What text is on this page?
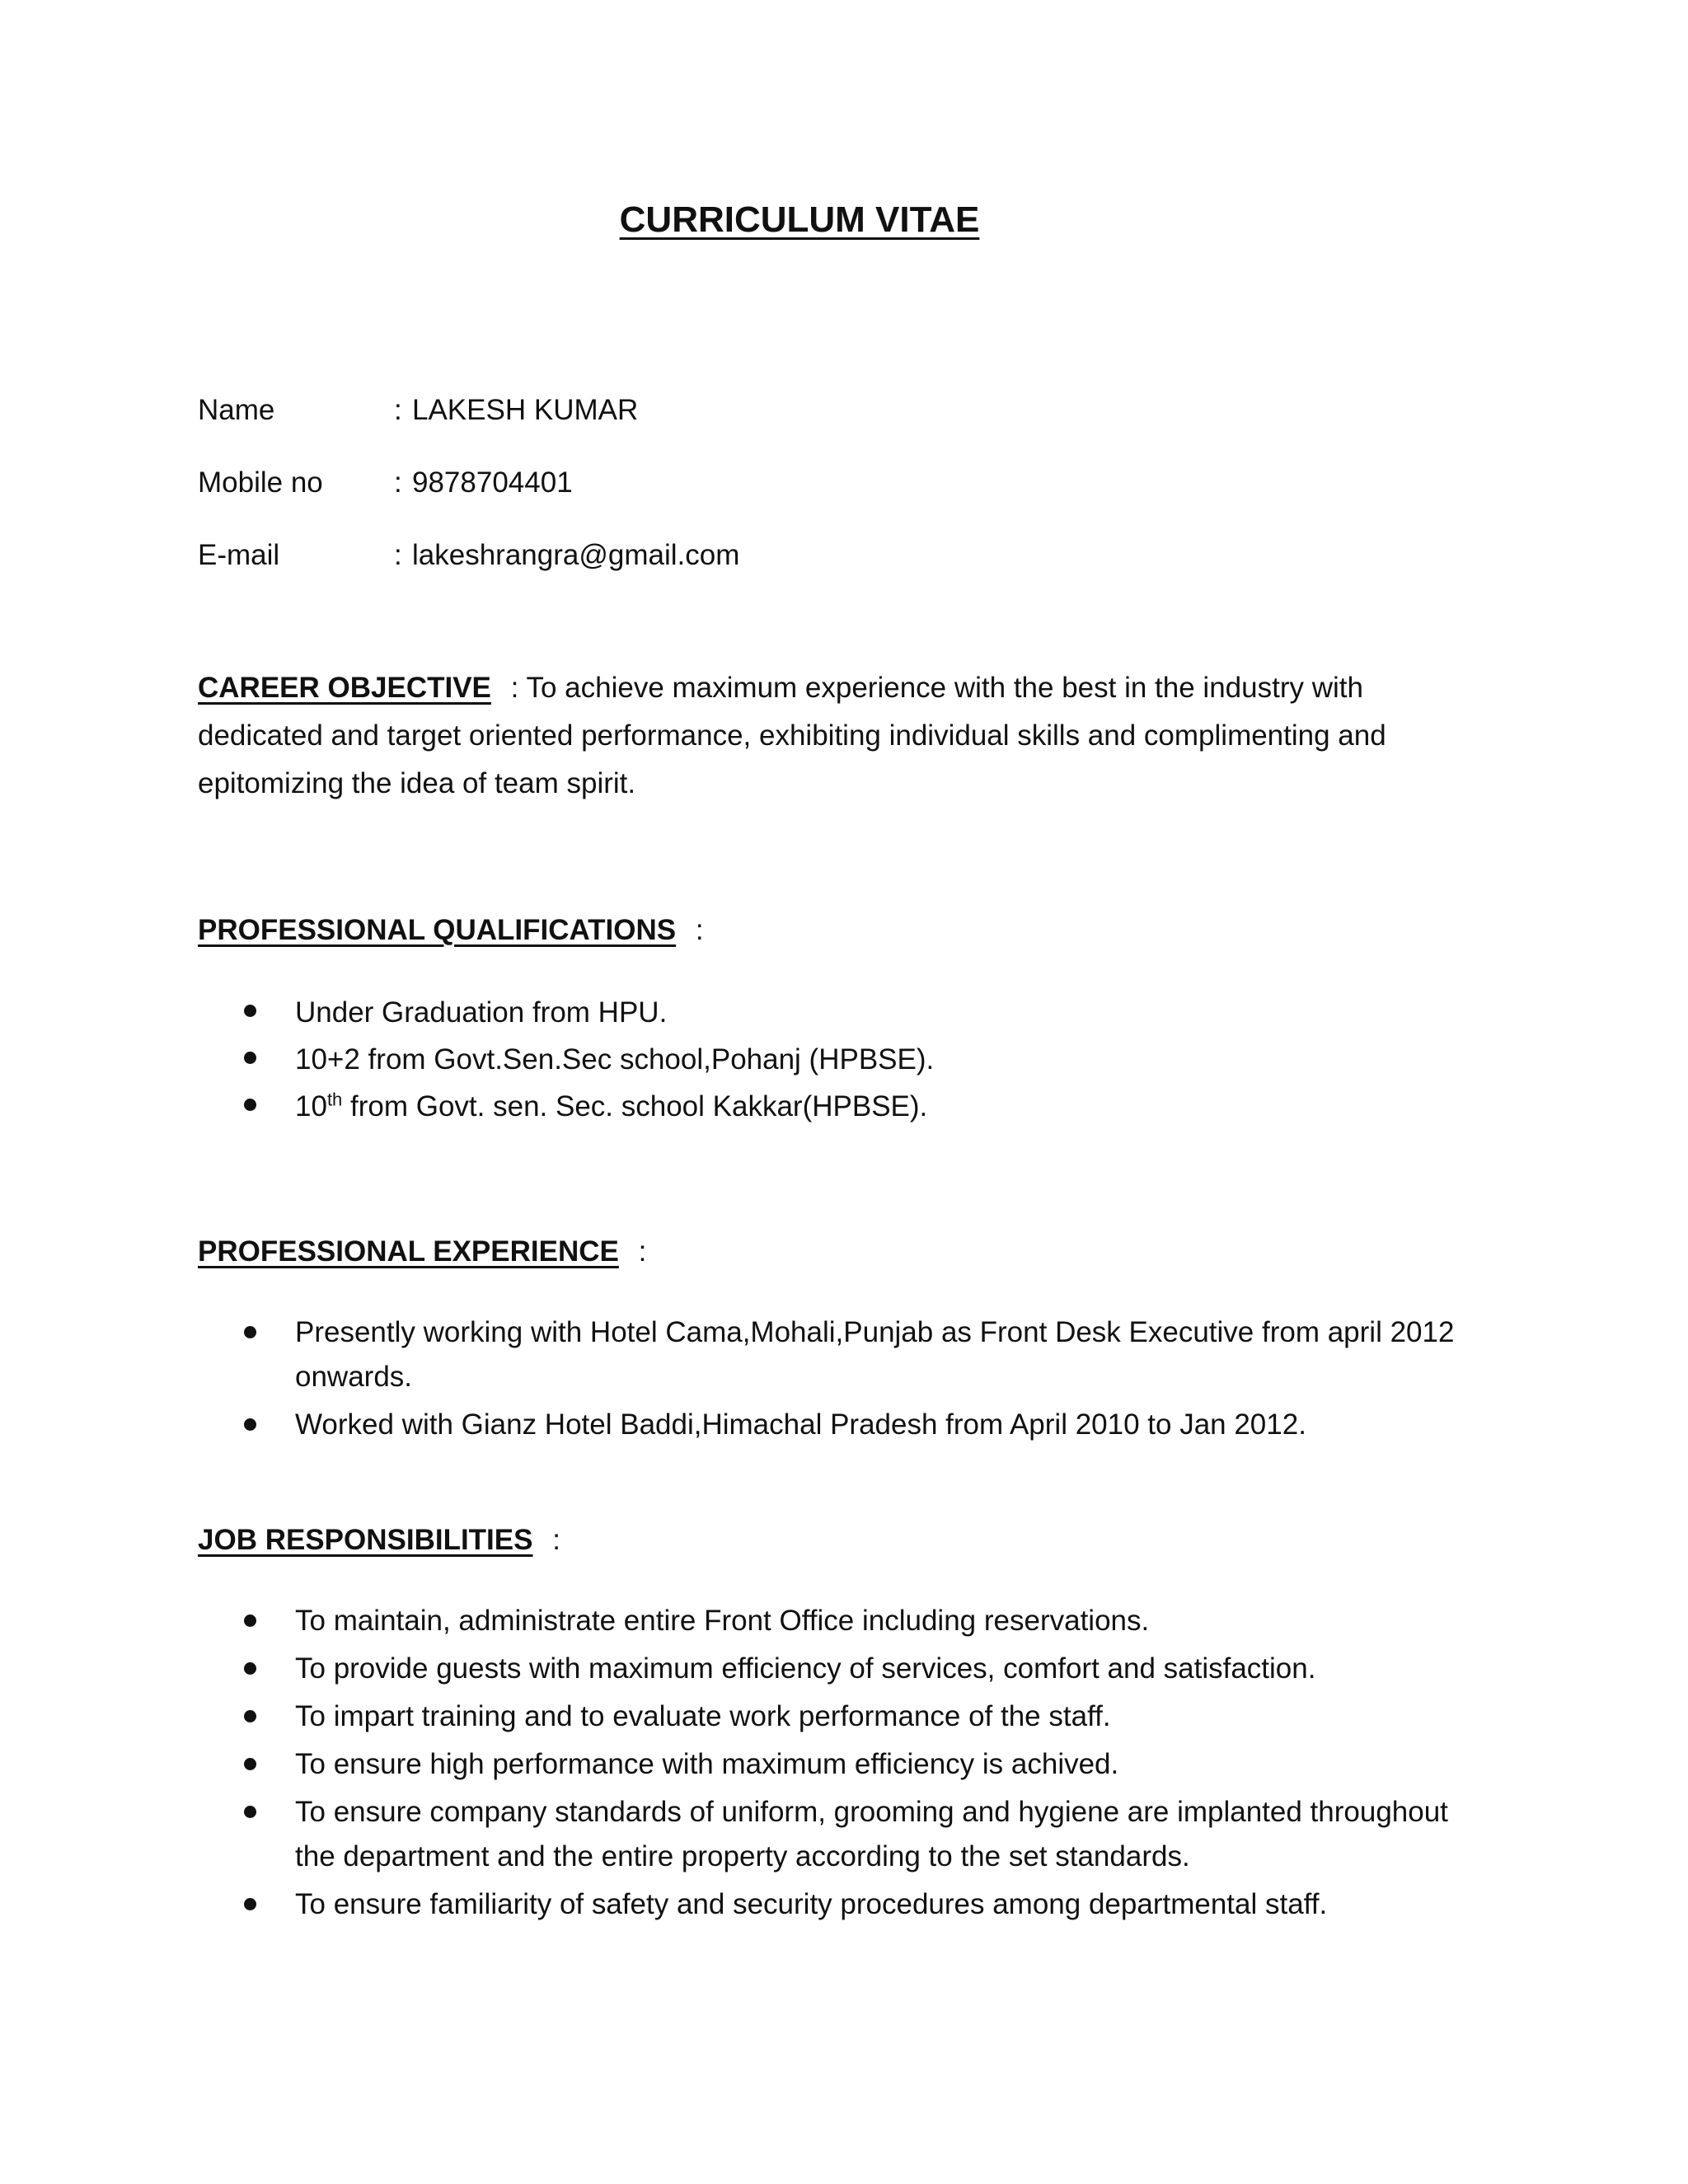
CURRICULUM VITAE
Name	: LAKESH KUMAR
Mobile no	: 9878704401
E-mail	: lakeshrangra@gmail.com

CAREER OBJECTIVE : To achieve maximum experience with the best in the industry with dedicated and target oriented performance, exhibiting individual skills and complimenting and epitomizing the idea of team spirit.

PROFESSIONAL QUALIFICATIONS :
Under Graduation from HPU.
10+2 from Govt.Sen.Sec school,Pohanj (HPBSE).
10th from Govt. sen. Sec. school Kakkar(HPBSE).
PROFESSIONAL EXPERIENCE :
Presently working with Hotel Cama,Mohali,Punjab as Front Desk Executive from april 2012 onwards.
Worked with Gianz Hotel Baddi,Himachal Pradesh from April 2010 to Jan 2012.
JOB RESPONSIBILITIES :
To maintain, administrate entire Front Office including reservations.
To provide guests with maximum efficiency of services, comfort and satisfaction.
To impart training and to evaluate work performance of the staff.
To ensure high performance with maximum efficiency is achived.
To ensure company standards of uniform, grooming and hygiene are implanted throughout the department and the entire property according to the set standards.
To ensure familiarity of safety and security procedures among departmental staff.
